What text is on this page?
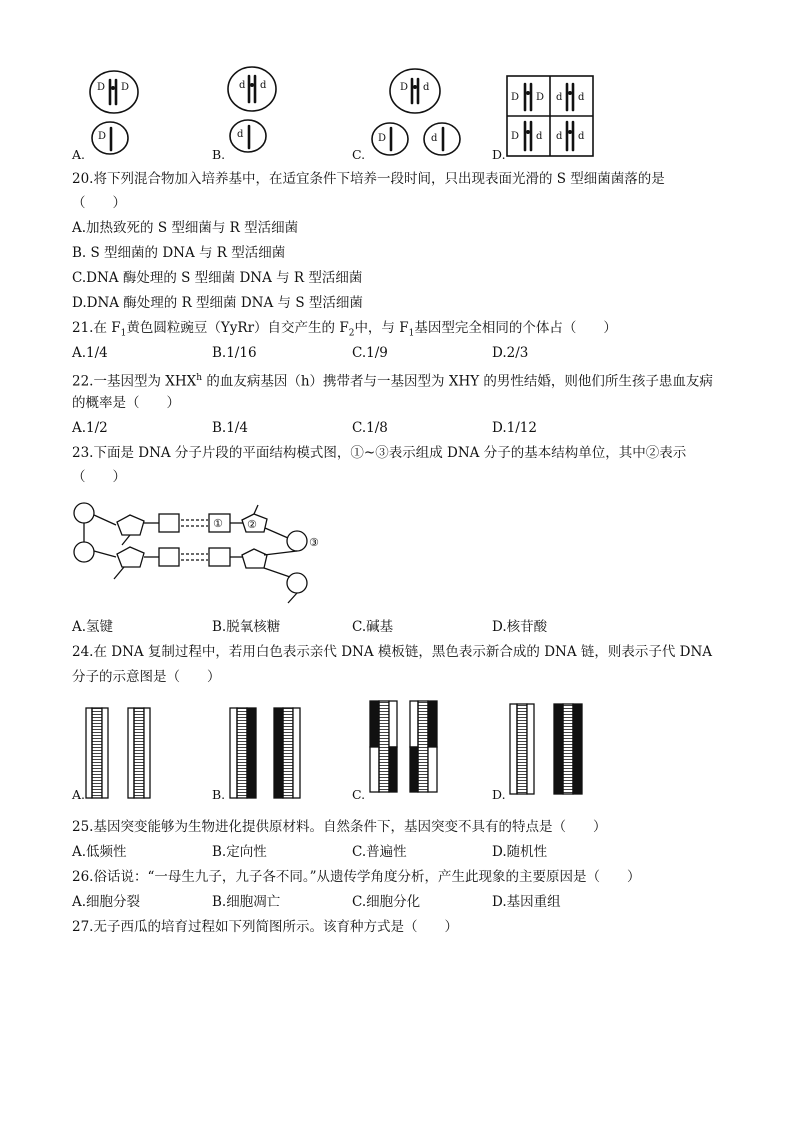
D D
D
d d
d
D d
D	d
D D d d
D d d d
A.	B.	C.	D.
20.将下列混合物加入培养基中，在适宜条件下培养一段时间，只出现表面光滑的 S 型细菌菌落的是
（　　）
A.加热致死的 S 型细菌与 R 型活细菌
B. S 型细菌的 DNA 与 R 型活细菌
C.DNA 酶处理的 S 型细菌 DNA 与 R 型活细菌
D.DNA 酶处理的 R 型细菌 DNA 与 S 型活细菌
21.在 $F_1$黄色圆粒豌豆（YyRr）自交产生的 $F_2$中，与 $F_1$基因型完全相同的个体占（　　）
A.1/4	B.1/16	C.1/9	D.2/3
22.一基因型为 XHX$^h$ 的血友病基因（h）携带者与一基因型为 XHY 的男性结婚，则他们所生孩子患血友病
的概率是（　　）
A.1/2	B.1/4	C.1/8	D.1/12
23.下面是 DNA 分子片段的平面结构模式图，①~③表示组成 DNA 分子的基本结构单位，其中②表示
（　　）
① ②
③
A.氢键	B.脱氧核糖	C.碱基	D.核苷酸
24.在 DNA 复制过程中，若用白色表示亲代 DNA 模板链，黑色表示新合成的 DNA 链，则表示子代 DNA
分子的示意图是（　　）
A.	B.	C.	D.
25.基因突变能够为生物进化提供原材料。自然条件下，基因突变不具有的特点是（　　）
A.低频性	B.定向性	C.普遍性	D.随机性
26.俗话说：“一母生九子，九子各不同。”从遗传学角度分析，产生此现象的主要原因是（　　）
A.细胞分裂	B.细胞凋亡	C.细胞分化	D.基因重组
27.无子西瓜的培育过程如下列简图所示。该育种方式是（　　）
